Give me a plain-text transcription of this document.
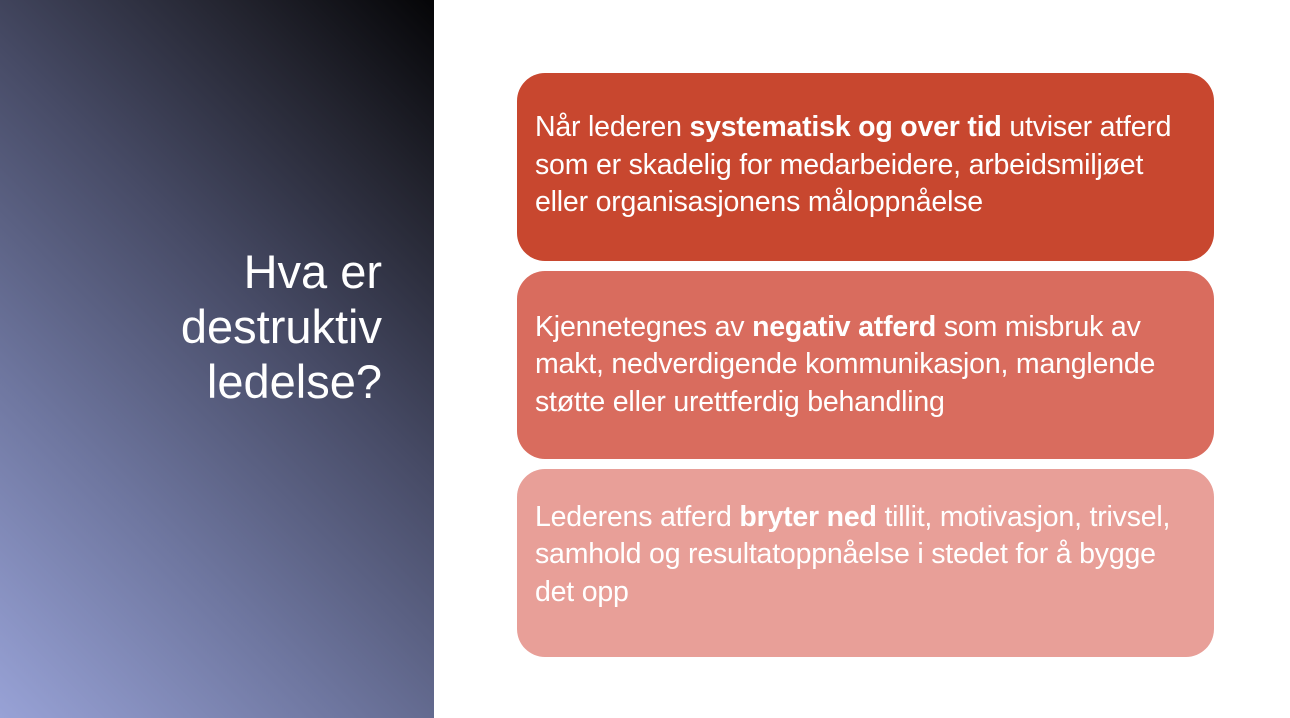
Hva er
destruktiv
ledelse?

Når lederen systematisk og over tid utviser atferd som er skadelig for medarbeidere, arbeidsmiljøet eller organisasjonens måloppnåelse

Kjennetegnes av negativ atferd som misbruk av makt, nedverdigende kommunikasjon, manglende støtte eller urettferdig behandling

Lederens atferd bryter ned tillit, motivasjon, trivsel, samhold og resultatoppnåelse i stedet for å bygge det opp
